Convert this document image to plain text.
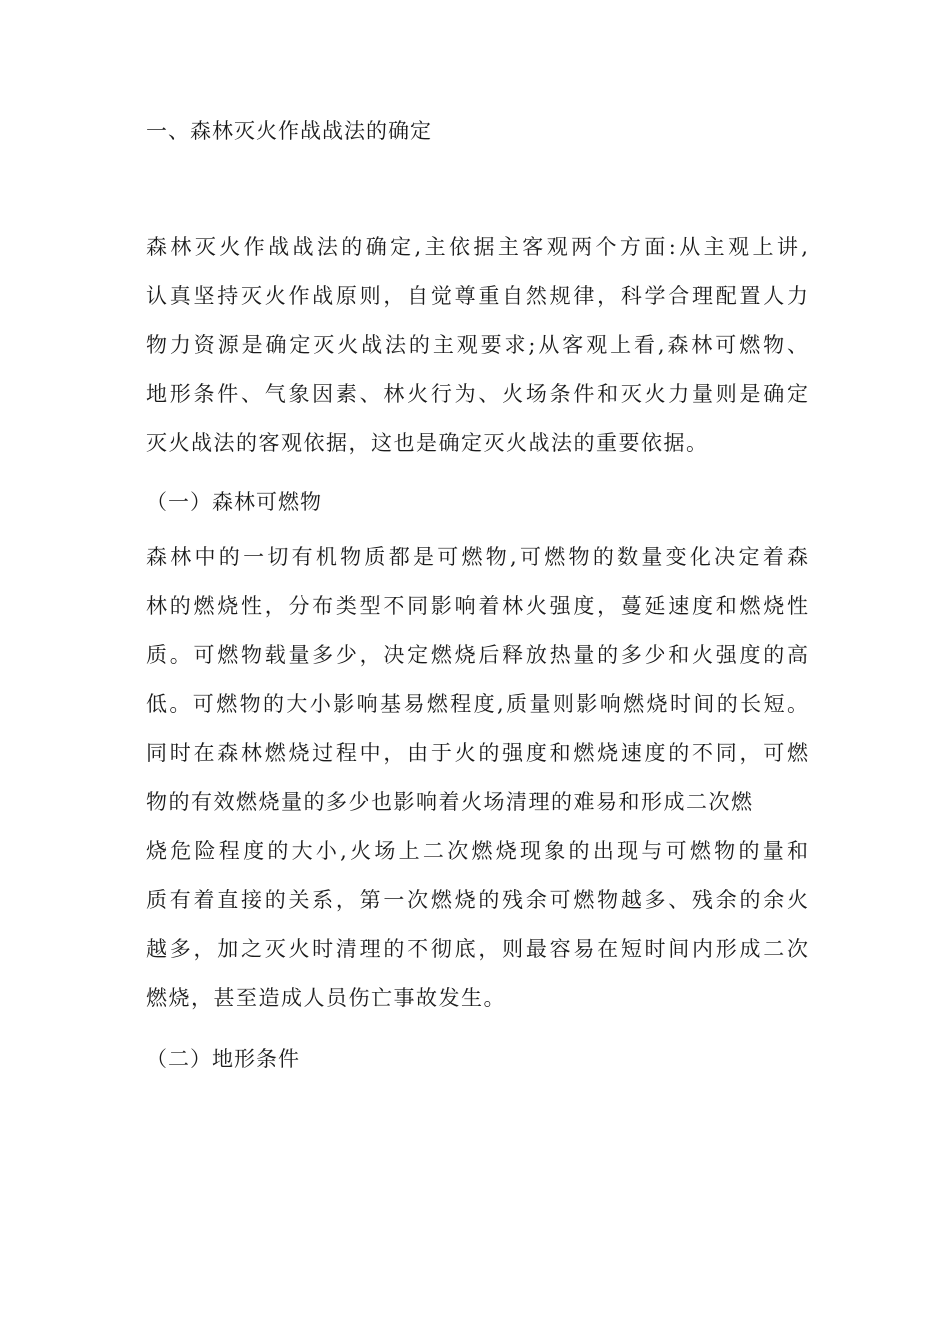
一、森林灭火作战战法的确定
森林灭火作战战法的确定,主依据主客观两个方面:从主观上讲,
认真坚持灭火作战原则，自觉尊重自然规律，科学合理配置人力
物力资源是确定灭火战法的主观要求;从客观上看,森林可燃物、
地形条件、气象因素、林火行为、火场条件和灭火力量则是确定
灭火战法的客观依据，这也是确定灭火战法的重要依据。
（一）森林可燃物
森林中的一切有机物质都是可燃物,可燃物的数量变化决定着森
林的燃烧性，分布类型不同影响着林火强度，蔓延速度和燃烧性
质。可燃物载量多少，决定燃烧后释放热量的多少和火强度的高
低。可燃物的大小影响基易燃程度,质量则影响燃烧时间的长短。
同时在森林燃烧过程中，由于火的强度和燃烧速度的不同，可燃
物的有效燃烧量的多少也影响着火场清理的难易和形成二次燃
烧危险程度的大小,火场上二次燃烧现象的出现与可燃物的量和
质有着直接的关系，第一次燃烧的残余可燃物越多、残余的余火
越多，加之灭火时清理的不彻底，则最容易在短时间内形成二次
燃烧，甚至造成人员伤亡事故发生。
（二）地形条件
